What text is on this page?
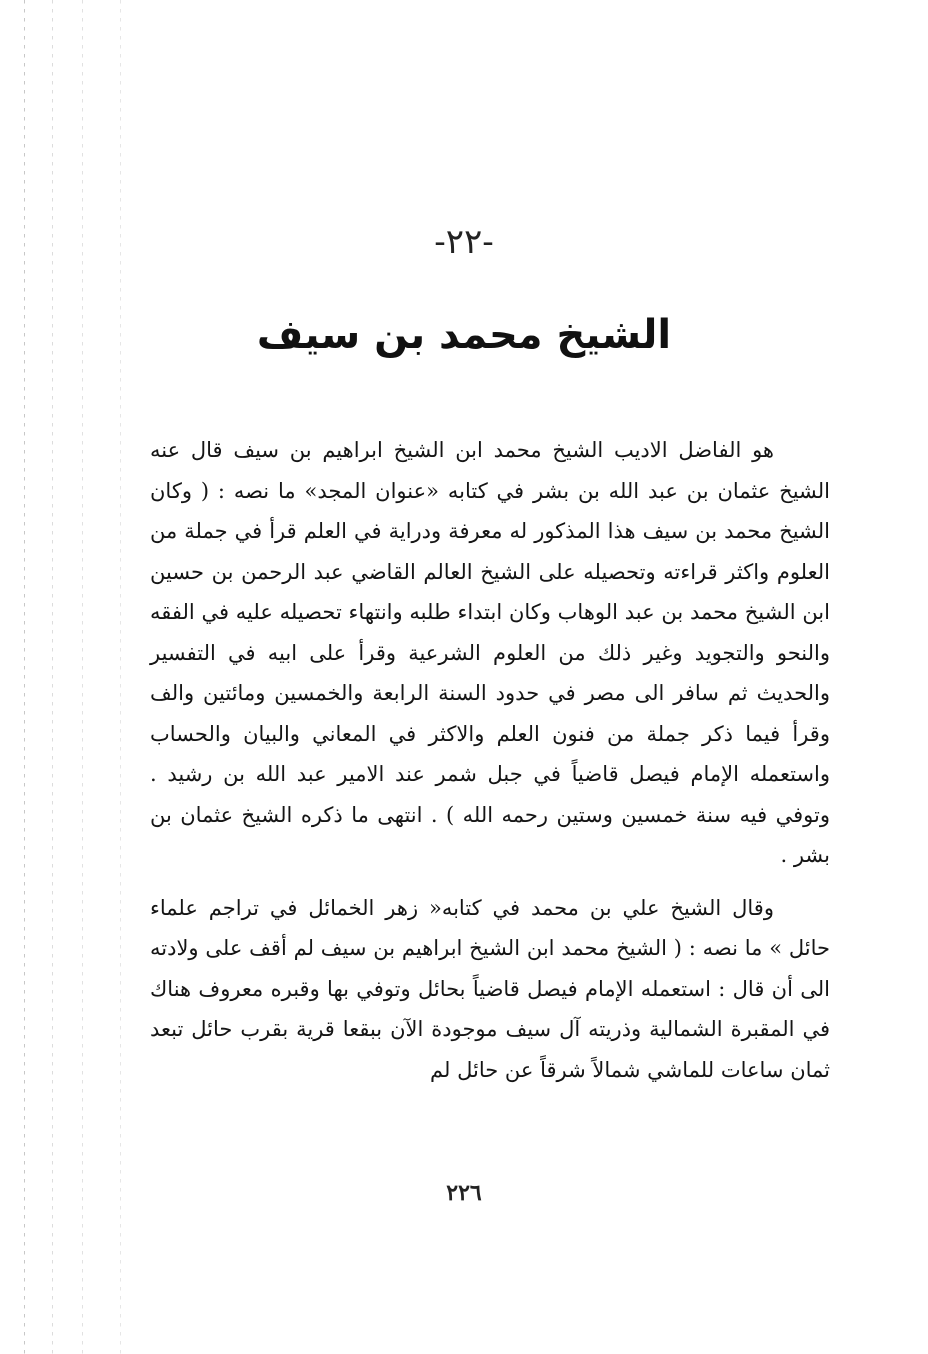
-٢٢-
الشيخ محمد بن سيف

هو الفاضل الاديب الشيخ محمد ابن الشيخ ابراهيم بن سيف قال عنه الشيخ عثمان بن عبد الله بن بشر في كتابه «عنوان المجد» ما نصه : ( وكان الشيخ محمد بن سيف هذا المذكور له معرفة ودراية في العلم قرأ في جملة من العلوم واكثر قراءته وتحصيله على الشيخ العالم القاضي عبد الرحمن بن حسين ابن الشيخ محمد بن عبد الوهاب وكان ابتداء طلبه وانتهاء تحصيله عليه في الفقه والنحو والتجويد وغير ذلك من العلوم الشرعية وقرأ على ابيه في التفسير والحديث ثم سافر الى مصر في حدود السنة الرابعة والخمسين ومائتين والف وقرأ فيما ذكر جملة من فنون العلم والاكثر في المعاني والبيان والحساب واستعمله الإمام فيصل قاضياً في جبل شمر عند الامير عبد الله بن رشيد . وتوفي فيه سنة خمسين وستين رحمه الله ) . انتهى ما ذكره الشيخ عثمان بن بشر .

وقال الشيخ علي بن محمد في كتابه« زهر الخمائل في تراجم علماء حائل » ما نصه : ( الشيخ محمد ابن الشيخ ابراهيم بن سيف لم أقف على ولادته الى أن قال : استعمله الإمام فيصل قاضياً بحائل وتوفي بها وقبره معروف هناك في المقبرة الشمالية وذريته آل سيف موجودة الآن ببقعا قرية بقرب حائل تبعد ثمان ساعات للماشي شمالاً شرقاً عن حائل لم

٢٢٦
